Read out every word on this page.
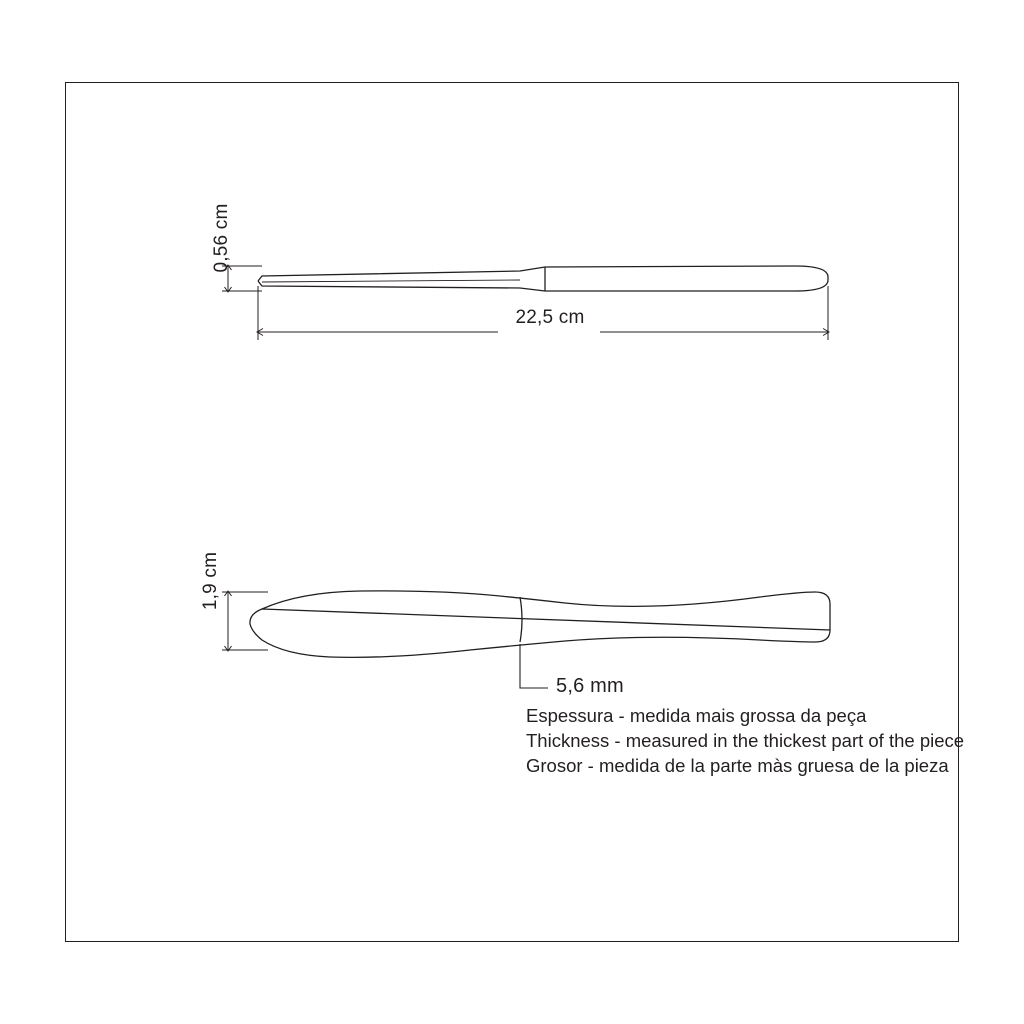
0,56 cm
22,5 cm
1,9 cm
5,6 mm
Espessura - medida mais grossa da peça
Thickness - measured in the thickest part of the piece
Grosor - medida de la parte màs gruesa de la pieza
